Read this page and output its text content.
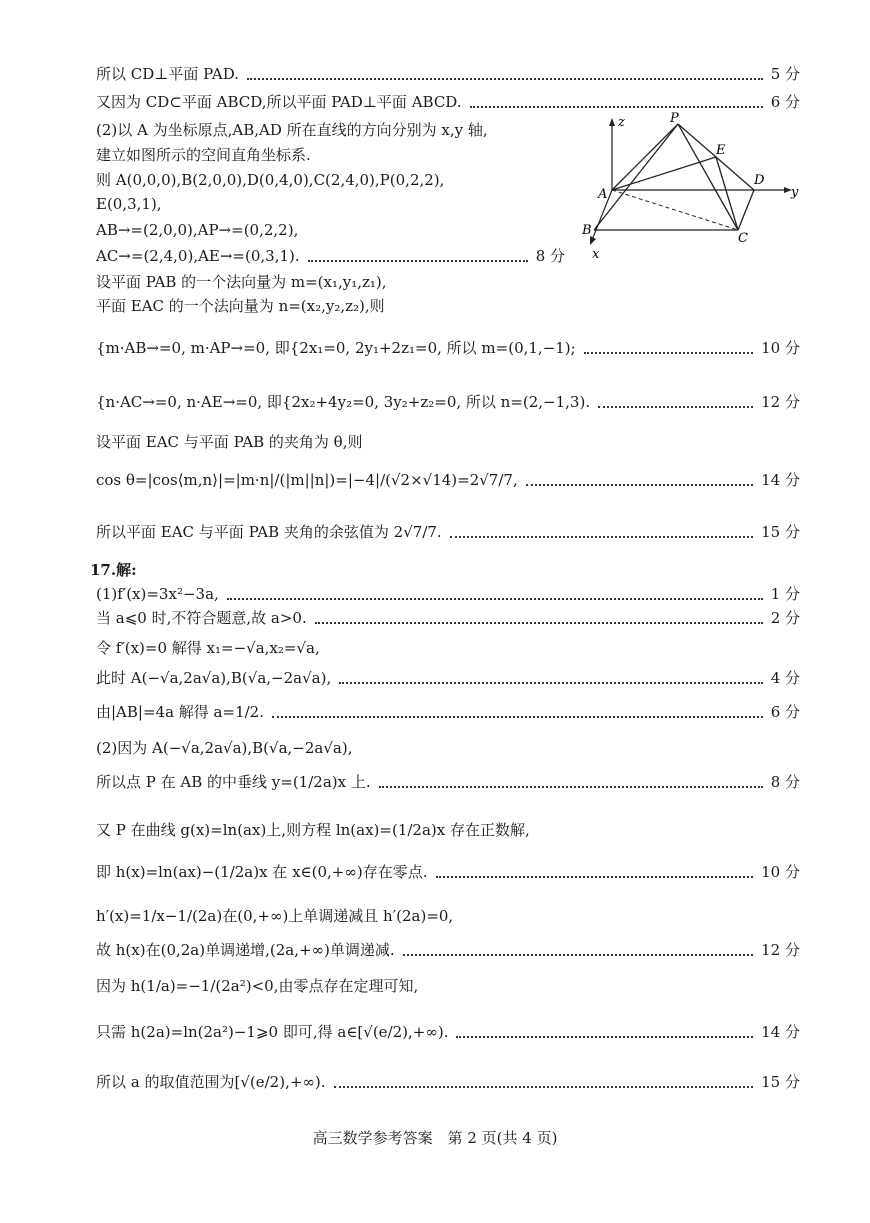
z	P
E
A
D
y
B
C
x
所以 CD⊥平面 PAD.	5 分
又因为 CD⊂平面 ABCD,所以平面 PAD⊥平面 ABCD.	6 分
(2)以 A 为坐标原点,AB,AD 所在直线的方向分别为 x,y 轴,
建立如图所示的空间直角坐标系.
则 A(0,0,0),B(2,0,0),D(0,4,0),C(2,4,0),P(0,2,2),
E(0,3,1),
AB→=(2,0,0),AP→=(0,2,2),
AC→=(2,4,0),AE→=(0,3,1).	8 分
设平面 PAB 的一个法向量为 m=(x₁,y₁,z₁),
平面 EAC 的一个法向量为 n=(x₂,y₂,z₂),则
{m·AB→=0, m·AP→=0, 即{2x₁=0, 2y₁+2z₁=0, 所以 m=(0,1,−1);	10 分
{n·AC→=0, n·AE→=0, 即{2x₂+4y₂=0, 3y₂+z₂=0, 所以 n=(2,−1,3).	12 分
设平面 EAC 与平面 PAB 的夹角为 θ,则
cos θ=|cos⟨m,n⟩|=|m·n|/(|m||n|)=|−4|/(√2×√14)=2√7/7,	14 分
所以平面 EAC 与平面 PAB 夹角的余弦值为 2√7/7.	15 分
17.解:
(1)f′(x)=3x²−3a,	1 分
当 a⩽0 时,不符合题意,故 a>0.	2 分
令 f′(x)=0 解得 x₁=−√a,x₂=√a,
此时 A(−√a,2a√a),B(√a,−2a√a),	4 分
由|AB|=4a 解得 a=1/2.	6 分
(2)因为 A(−√a,2a√a),B(√a,−2a√a),
所以点 P 在 AB 的中垂线 y=(1/2a)x 上.	8 分
又 P 在曲线 g(x)=ln(ax)上,则方程 ln(ax)=(1/2a)x 存在正数解,
即 h(x)=ln(ax)−(1/2a)x 在 x∈(0,+∞)存在零点.	10 分
h′(x)=1/x−1/(2a)在(0,+∞)上单调递减且 h′(2a)=0,
故 h(x)在(0,2a)单调递增,(2a,+∞)单调递减.	12 分
因为 h(1/a)=−1/(2a²)<0,由零点存在定理可知,
只需 h(2a)=ln(2a²)−1⩾0 即可,得 a∈[√(e/2),+∞).	14 分
所以 a 的取值范围为[√(e/2),+∞).	15 分
高三数学参考答案　第 2 页(共 4 页)
